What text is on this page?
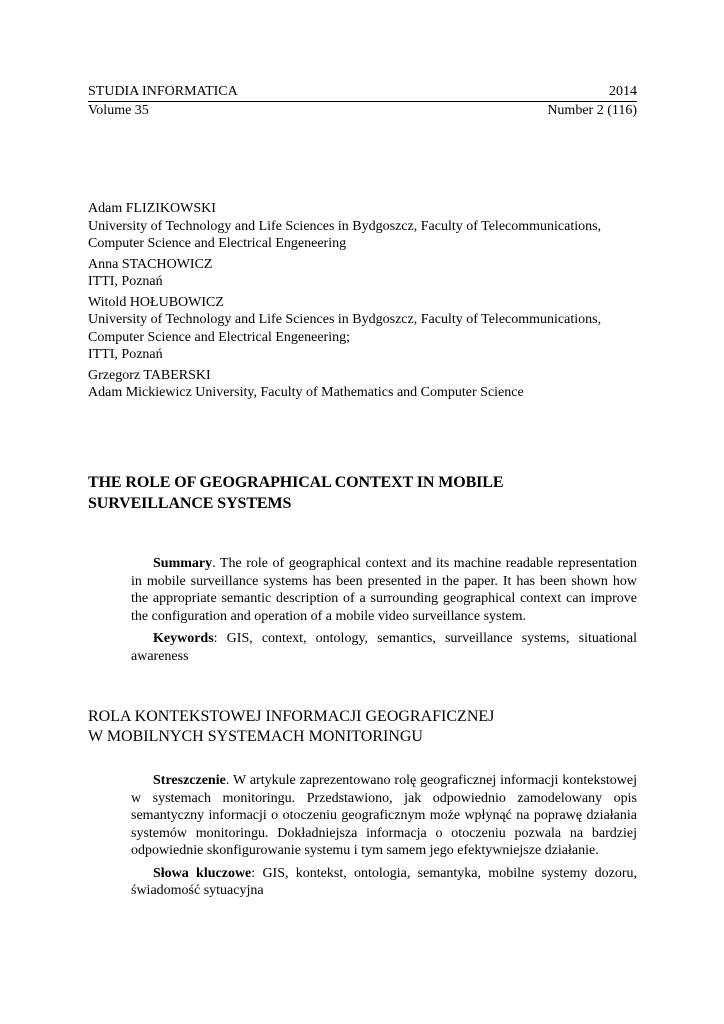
STUDIA INFORMATICA	2014
Volume 35	Number 2 (116)
Adam FLIZIKOWSKI
University of Technology and Life Sciences in Bydgoszcz, Faculty of Telecommunications,
Computer Science and Electrical Engeneering
Anna STACHOWICZ
ITTI, Poznań
Witold HOŁUBOWICZ
University of Technology and Life Sciences in Bydgoszcz, Faculty of Telecommunications,
Computer Science and Electrical Engeneering;
ITTI, Poznań
Grzegorz TABERSKI
Adam Mickiewicz University, Faculty of Mathematics and Computer Science
THE ROLE OF GEOGRAPHICAL CONTEXT IN MOBILE
SURVEILLANCE SYSTEMS

Summary. The role of geographical context and its machine readable representation in mobile surveillance systems has been presented in the paper. It has been shown how the appropriate semantic description of a surrounding geographical context can improve the configuration and operation of a mobile video surveillance system.

Keywords: GIS, context, ontology, semantics, surveillance systems, situational awareness

ROLA KONTEKSTOWEJ INFORMACJI GEOGRAFICZNEJ
W MOBILNYCH SYSTEMACH MONITORINGU

Streszczenie. W artykule zaprezentowano rolę geograficznej informacji kontekstowej w systemach monitoringu. Przedstawiono, jak odpowiednio zamodelowany opis semantyczny informacji o otoczeniu geograficznym może wpłynąć na poprawę działania systemów monitoringu. Dokładniejsza informacja o otoczeniu pozwala na bardziej odpowiednie skonfigurowanie systemu i tym samem jego efektywniejsze działanie.

Słowa kluczowe: GIS, kontekst, ontologia, semantyka, mobilne systemy dozoru, świadomość sytuacyjna
